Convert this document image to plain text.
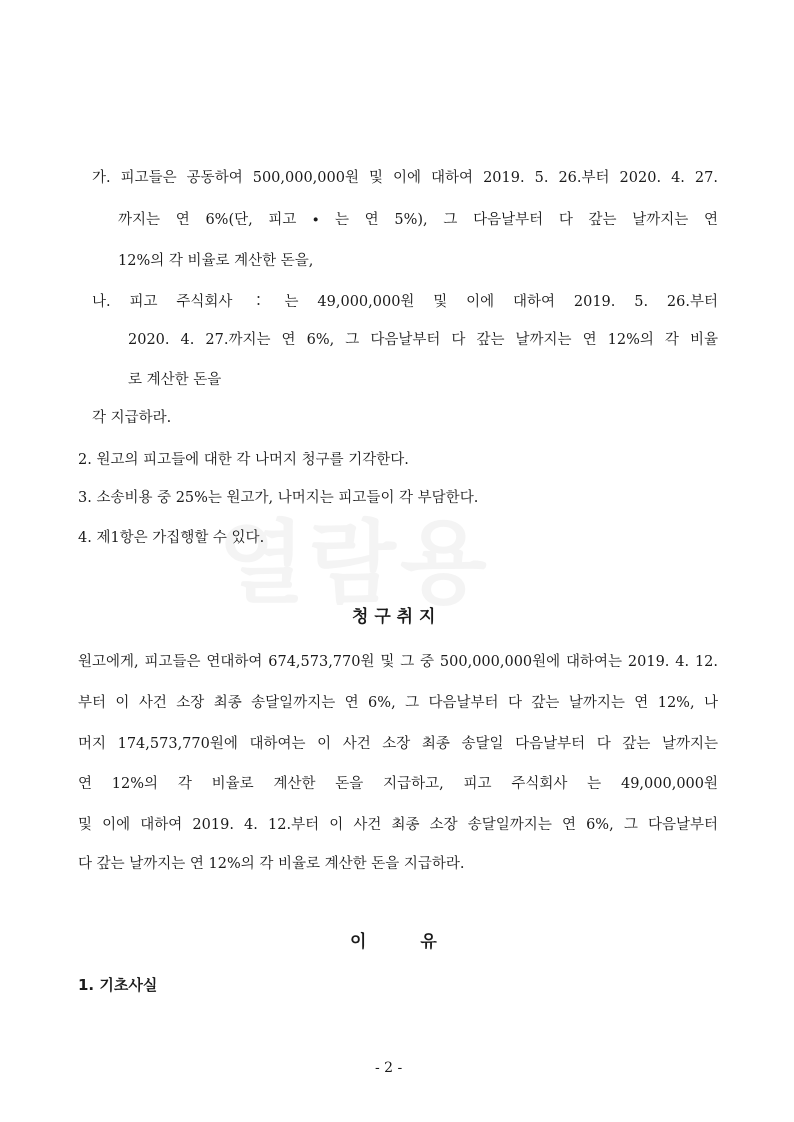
가. 피고들은 공동하여 500,000,000원 및 이에 대하여 2019. 5. 26.부터 2020. 4. 27.
까지는 연 6%(단, 피고 ∙ 는 연 5%), 그 다음날부터 다 갚는 날까지는 연
12%의 각 비율로 계산한 돈을,
나. 피고 주식회사 ∶ 는 49,000,000원 및 이에 대하여 2019. 5. 26.부터
2020. 4. 27.까지는 연 6%, 그 다음날부터 다 갚는 날까지는 연 12%의 각 비율
로 계산한 돈을
각 지급하라.
2. 원고의 피고들에 대한 각 나머지 청구를 기각한다.
3. 소송비용 중 25%는 원고가, 나머지는 피고들이 각 부담한다.
4. 제1항은 가집행할 수 있다.
청 구 취 지
원고에게, 피고들은 연대하여 674,573,770원 및 그 중 500,000,000원에 대하여는 2019. 4. 12.
부터 이 사건 소장 최종 송달일까지는 연 6%, 그 다음날부터 다 갚는 날까지는 연 12%, 나
머지 174,573,770원에 대하여는 이 사건 소장 최종 송달일 다음날부터 다 갚는 날까지는
연 12%의 각 비율로 계산한 돈을 지급하고, 피고 주식회사 는 49,000,000원
및 이에 대하여 2019. 4. 12.부터 이 사건 최종 소장 송달일까지는 연 6%, 그 다음날부터
다 갚는 날까지는 연 12%의 각 비율로 계산한 돈을 지급하라.
이 유
1. 기초사실
- 2 -
